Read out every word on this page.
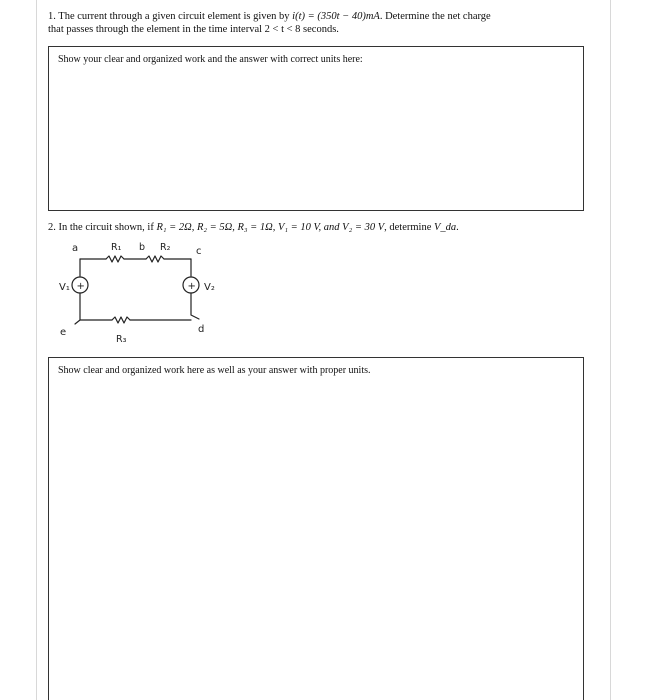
1. The current through a given circuit element is given by i(t) = (350t − 40)mA. Determine the net charge
that passes through the element in the time interval 2 < t < 8 seconds.
Show your clear and organized work and the answer with correct units here:
2. In the circuit shown, if R₁ = 2Ω, R₂ = 5Ω, R₃ = 1Ω, V₁ = 10 V, and V₂ = 30 V, determine V_da.
+	+
a	R₁ b R₂	c
V₁	V₂
d
e
R₃
Show clear and organized work here as well as your answer with proper units.
